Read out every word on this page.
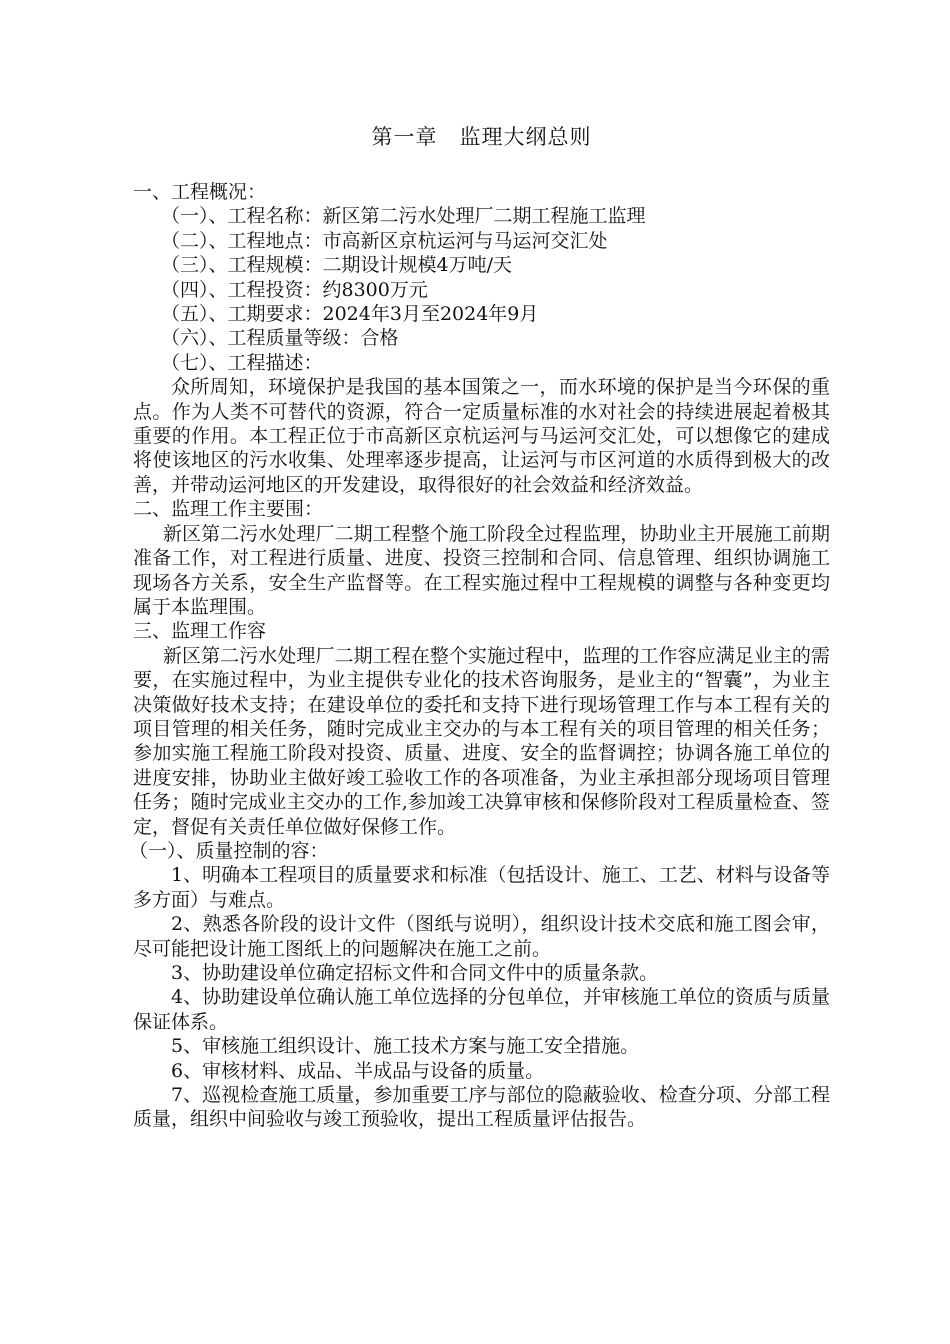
第一章　监理大纲总则
一、工程概况：
（一）、工程名称：新区第二污水处理厂二期工程施工监理
（二）、工程地点：市高新区京杭运河与马运河交汇处
（三）、工程规模：二期设计规模4万吨/天
（四）、工程投资：约8300万元
（五）、工期要求：2024年3月至2024年9月
（六）、工程质量等级：合格
（七）、工程描述：

众所周知，环境保护是我国的基本国策之一，而水环境的保护是当今环保的重点。作为人类不可替代的资源，符合一定质量标准的水对社会的持续进展起着极其重要的作用。本工程正位于市高新区京杭运河与马运河交汇处，可以想像它的建成将使该地区的污水收集、处理率逐步提高，让运河与市区河道的水质得到极大的改善，并带动运河地区的开发建设，取得很好的社会效益和经济效益。

二、监理工作主要围：

新区第二污水处理厂二期工程整个施工阶段全过程监理，协助业主开展施工前期准备工作，对工程进行质量、进度、投资三控制和合同、信息管理、组织协调施工现场各方关系，安全生产监督等。在工程实施过程中工程规模的调整与各种变更均属于本监理围。

三、监理工作容

新区第二污水处理厂二期工程在整个实施过程中，监理的工作容应满足业主的需要，在实施过程中，为业主提供专业化的技术咨询服务，是业主的“智囊”，为业主决策做好技术支持；在建设单位的委托和支持下进行现场管理工作与本工程有关的项目管理的相关任务，随时完成业主交办的与本工程有关的项目管理的相关任务；参加实施工程施工阶段对投资、质量、进度、安全的监督调控；协调各施工单位的进度安排，协助业主做好竣工验收工作的各项准备，为业主承担部分现场项目管理任务；随时完成业主交办的工作,参加竣工决算审核和保修阶段对工程质量检查、签定，督促有关责任单位做好保修工作。

（一）、质量控制的容：

1、明确本工程项目的质量要求和标准（包括设计、施工、工艺、材料与设备等多方面）与难点。

2、熟悉各阶段的设计文件（图纸与说明），组织设计技术交底和施工图会审，尽可能把设计施工图纸上的问题解决在施工之前。

3、协助建设单位确定招标文件和合同文件中的质量条款。

4、协助建设单位确认施工单位选择的分包单位，并审核施工单位的资质与质量保证体系。

5、审核施工组织设计、施工技术方案与施工安全措施。

6、审核材料、成品、半成品与设备的质量。

7、巡视检查施工质量，参加重要工序与部位的隐蔽验收、检查分项、分部工程质量，组织中间验收与竣工预验收，提出工程质量评估报告。
